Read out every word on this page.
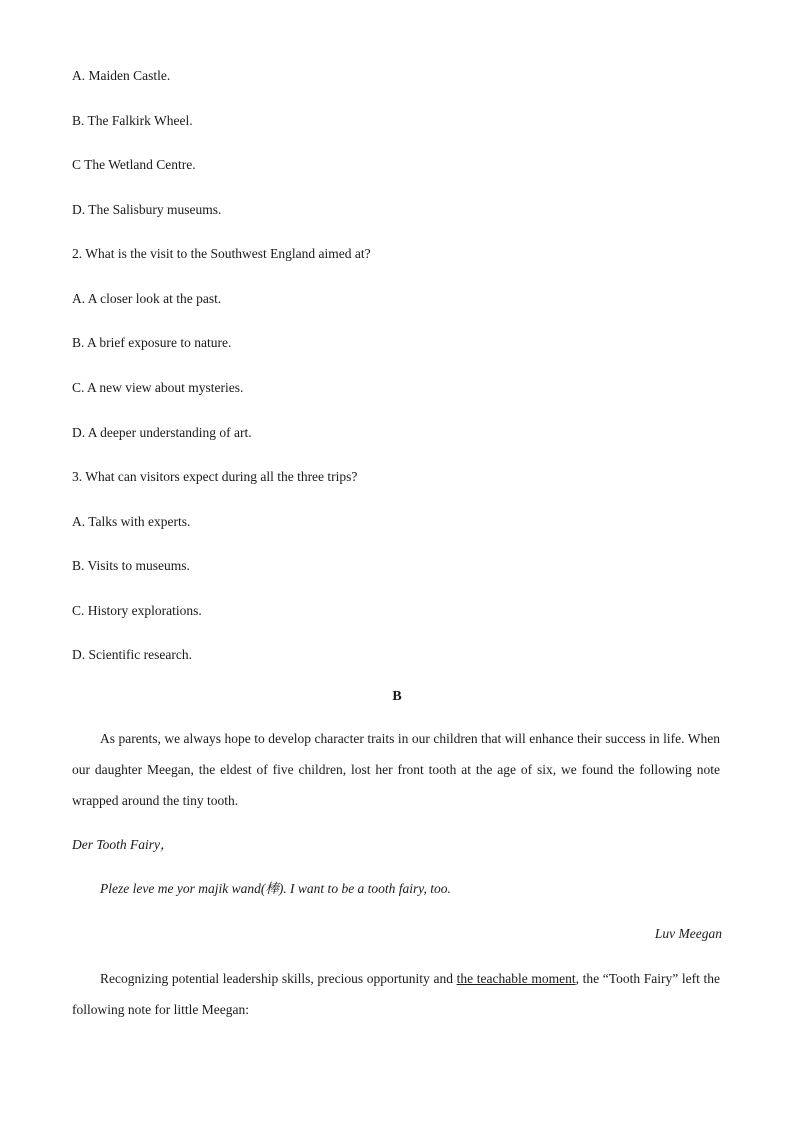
A. Maiden Castle.
B. The Falkirk Wheel.
C The Wetland Centre.
D. The Salisbury museums.
2. What is the visit to the Southwest England aimed at?
A. A closer look at the past.
B. A brief exposure to nature.
C. A new view about mysteries.
D. A deeper understanding of art.
3. What can visitors expect during all the three trips?
A. Talks with experts.
B. Visits to museums.
C. History explorations.
D. Scientific research.
B
As parents, we always hope to develop character traits in our children that will enhance their success in life. When our daughter Meegan, the eldest of five children, lost her front tooth at the age of six, we found the following note wrapped around the tiny tooth.
Der Tooth Fairy，
Pleze leve me yor majik wand(棒). I want to be a tooth fairy, too.
Luv Meegan
Recognizing potential leadership skills, precious opportunity and the teachable moment, the “Tooth Fairy” left the following note for little Meegan:
